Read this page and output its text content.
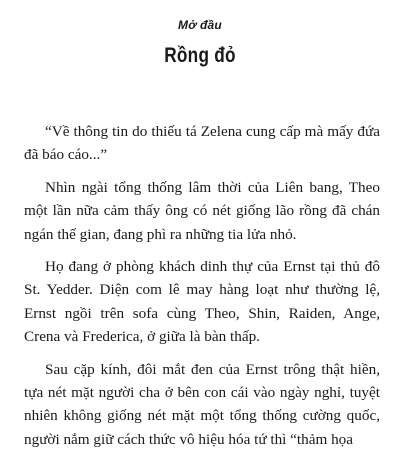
Mở đầu
Rồng đỏ

“Về thông tin do thiếu tá Zelena cung cấp mà mấy đứa đã báo cáo...”

Nhìn ngài tổng thống lâm thời của Liên bang, Theo một lần nữa cảm thấy ông có nét giống lão rồng đã chán ngán thế gian, đang phì ra những tia lửa nhỏ.

Họ đang ở phòng khách dinh thự của Ernst tại thủ đô St. Yedder. Diện com lê may hàng loạt như thường lệ, Ernst ngồi trên sofa cùng Theo, Shin, Raiden, Ange, Crena và Frederica, ở giữa là bàn thấp.

Sau cặp kính, đôi mắt đen của Ernst trông thật hiền, tựa nét mặt người cha ở bên con cái vào ngày nghỉ, tuyệt nhiên không giống nét mặt một tổng thống cường quốc, người nắm giữ cách thức vô hiệu hóa tứ thì “thảm họa
